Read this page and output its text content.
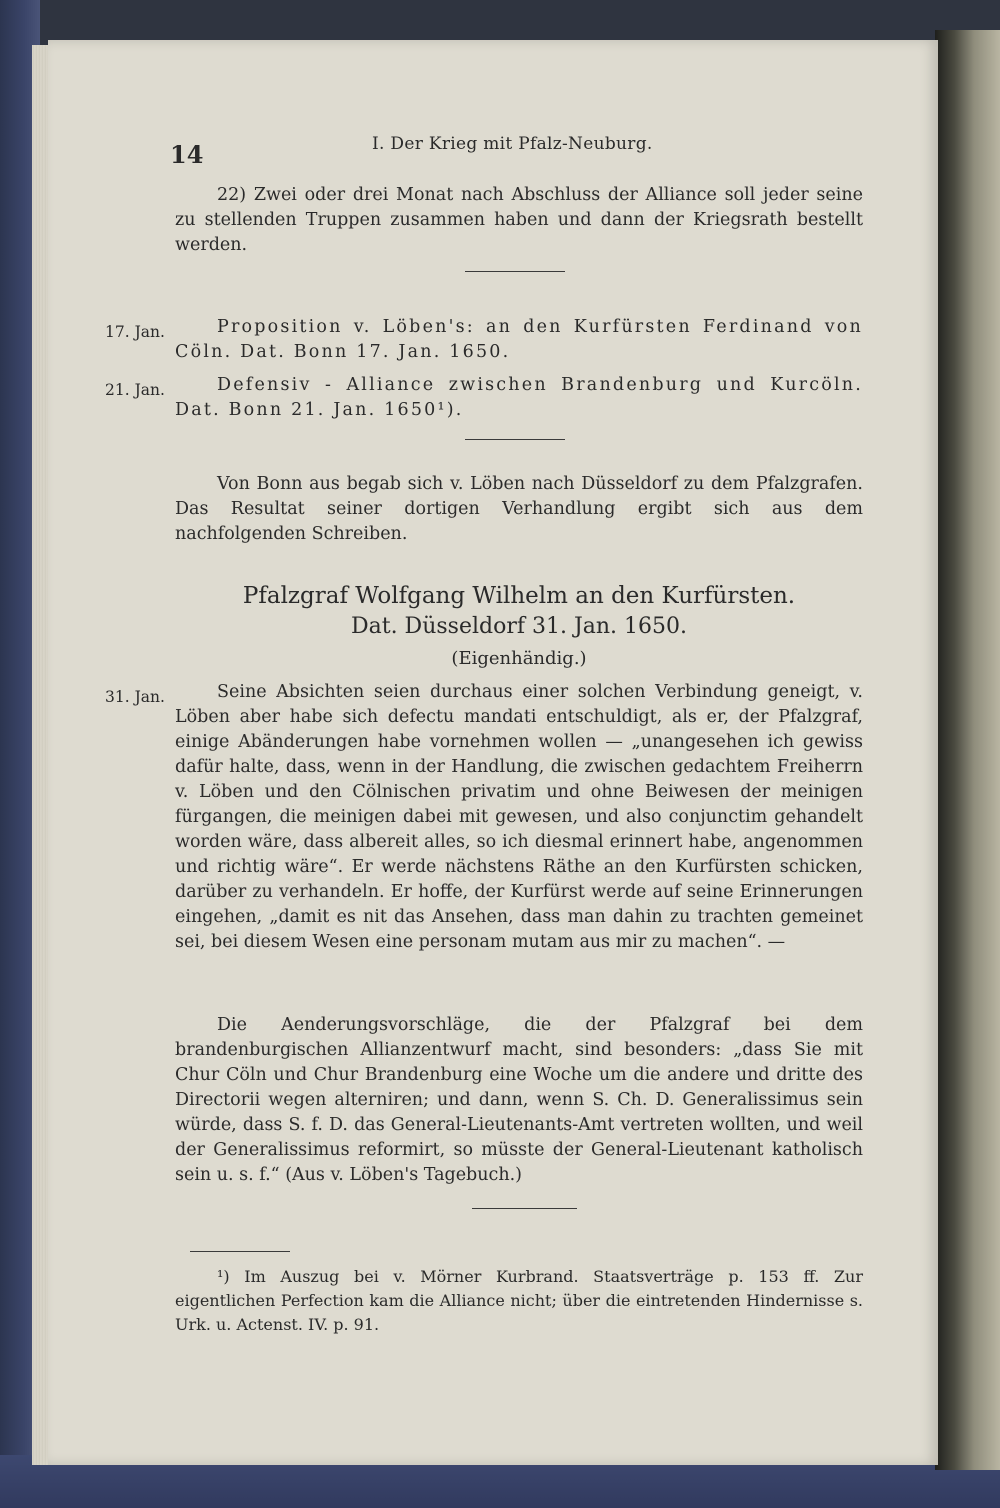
14	I. Der Krieg mit Pfalz-Neuburg.
22) Zwei oder drei Monat nach Abschluss der Alliance soll jeder seine zu stellenden Truppen zusammen haben und dann der Kriegsrath bestellt werden.
17. Jan.	Proposition v. Löben's: an den Kurfürsten Ferdinand von Cöln. Dat. Bonn 17. Jan. 1650.
21. Jan.	Defensiv - Alliance zwischen Brandenburg und Kurcöln. Dat. Bonn 21. Jan. 1650¹).
Von Bonn aus begab sich v. Löben nach Düsseldorf zu dem Pfalzgrafen. Das Resultat seiner dortigen Verhandlung ergibt sich aus dem nachfolgenden Schreiben.
Pfalzgraf Wolfgang Wilhelm an den Kurfürsten.
Dat. Düsseldorf 31. Jan. 1650.
(Eigenhändig.)
31. Jan.	Seine Absichten seien durchaus einer solchen Verbindung geneigt, v. Löben aber habe sich defectu mandati entschuldigt, als er, der Pfalzgraf, einige Abänderungen habe vornehmen wollen — „unangesehen ich gewiss dafür halte, dass, wenn in der Handlung, die zwischen gedachtem Freiherrn v. Löben und den Cölnischen privatim und ohne Beiwesen der meinigen fürgangen, die meinigen dabei mit gewesen, und also conjunctim gehandelt worden wäre, dass albereit alles, so ich diesmal erinnert habe, angenommen und richtig wäre“. Er werde nächstens Räthe an den Kurfürsten schicken, darüber zu verhandeln. Er hoffe, der Kurfürst werde auf seine Erinnerungen eingehen, „damit es nit das Ansehen, dass man dahin zu trachten gemeinet sei, bei diesem Wesen eine personam mutam aus mir zu machen“. —
Die Aenderungsvorschläge, die der Pfalzgraf bei dem brandenburgischen Allianzentwurf macht, sind besonders: „dass Sie mit Chur Cöln und Chur Brandenburg eine Woche um die andere und dritte des Directorii wegen alterniren; und dann, wenn S. Ch. D. Generalissimus sein würde, dass S. f. D. das General-Lieutenants-Amt vertreten wollten, und weil der Generalissimus reformirt, so müsste der General-Lieutenant katholisch sein u. s. f.“ (Aus v. Löben's Tagebuch.)
¹) Im Auszug bei v. Mörner Kurbrand. Staatsverträge p. 153 ff. Zur eigentlichen Perfection kam die Alliance nicht; über die eintretenden Hindernisse s. Urk. u. Actenst. IV. p. 91.
